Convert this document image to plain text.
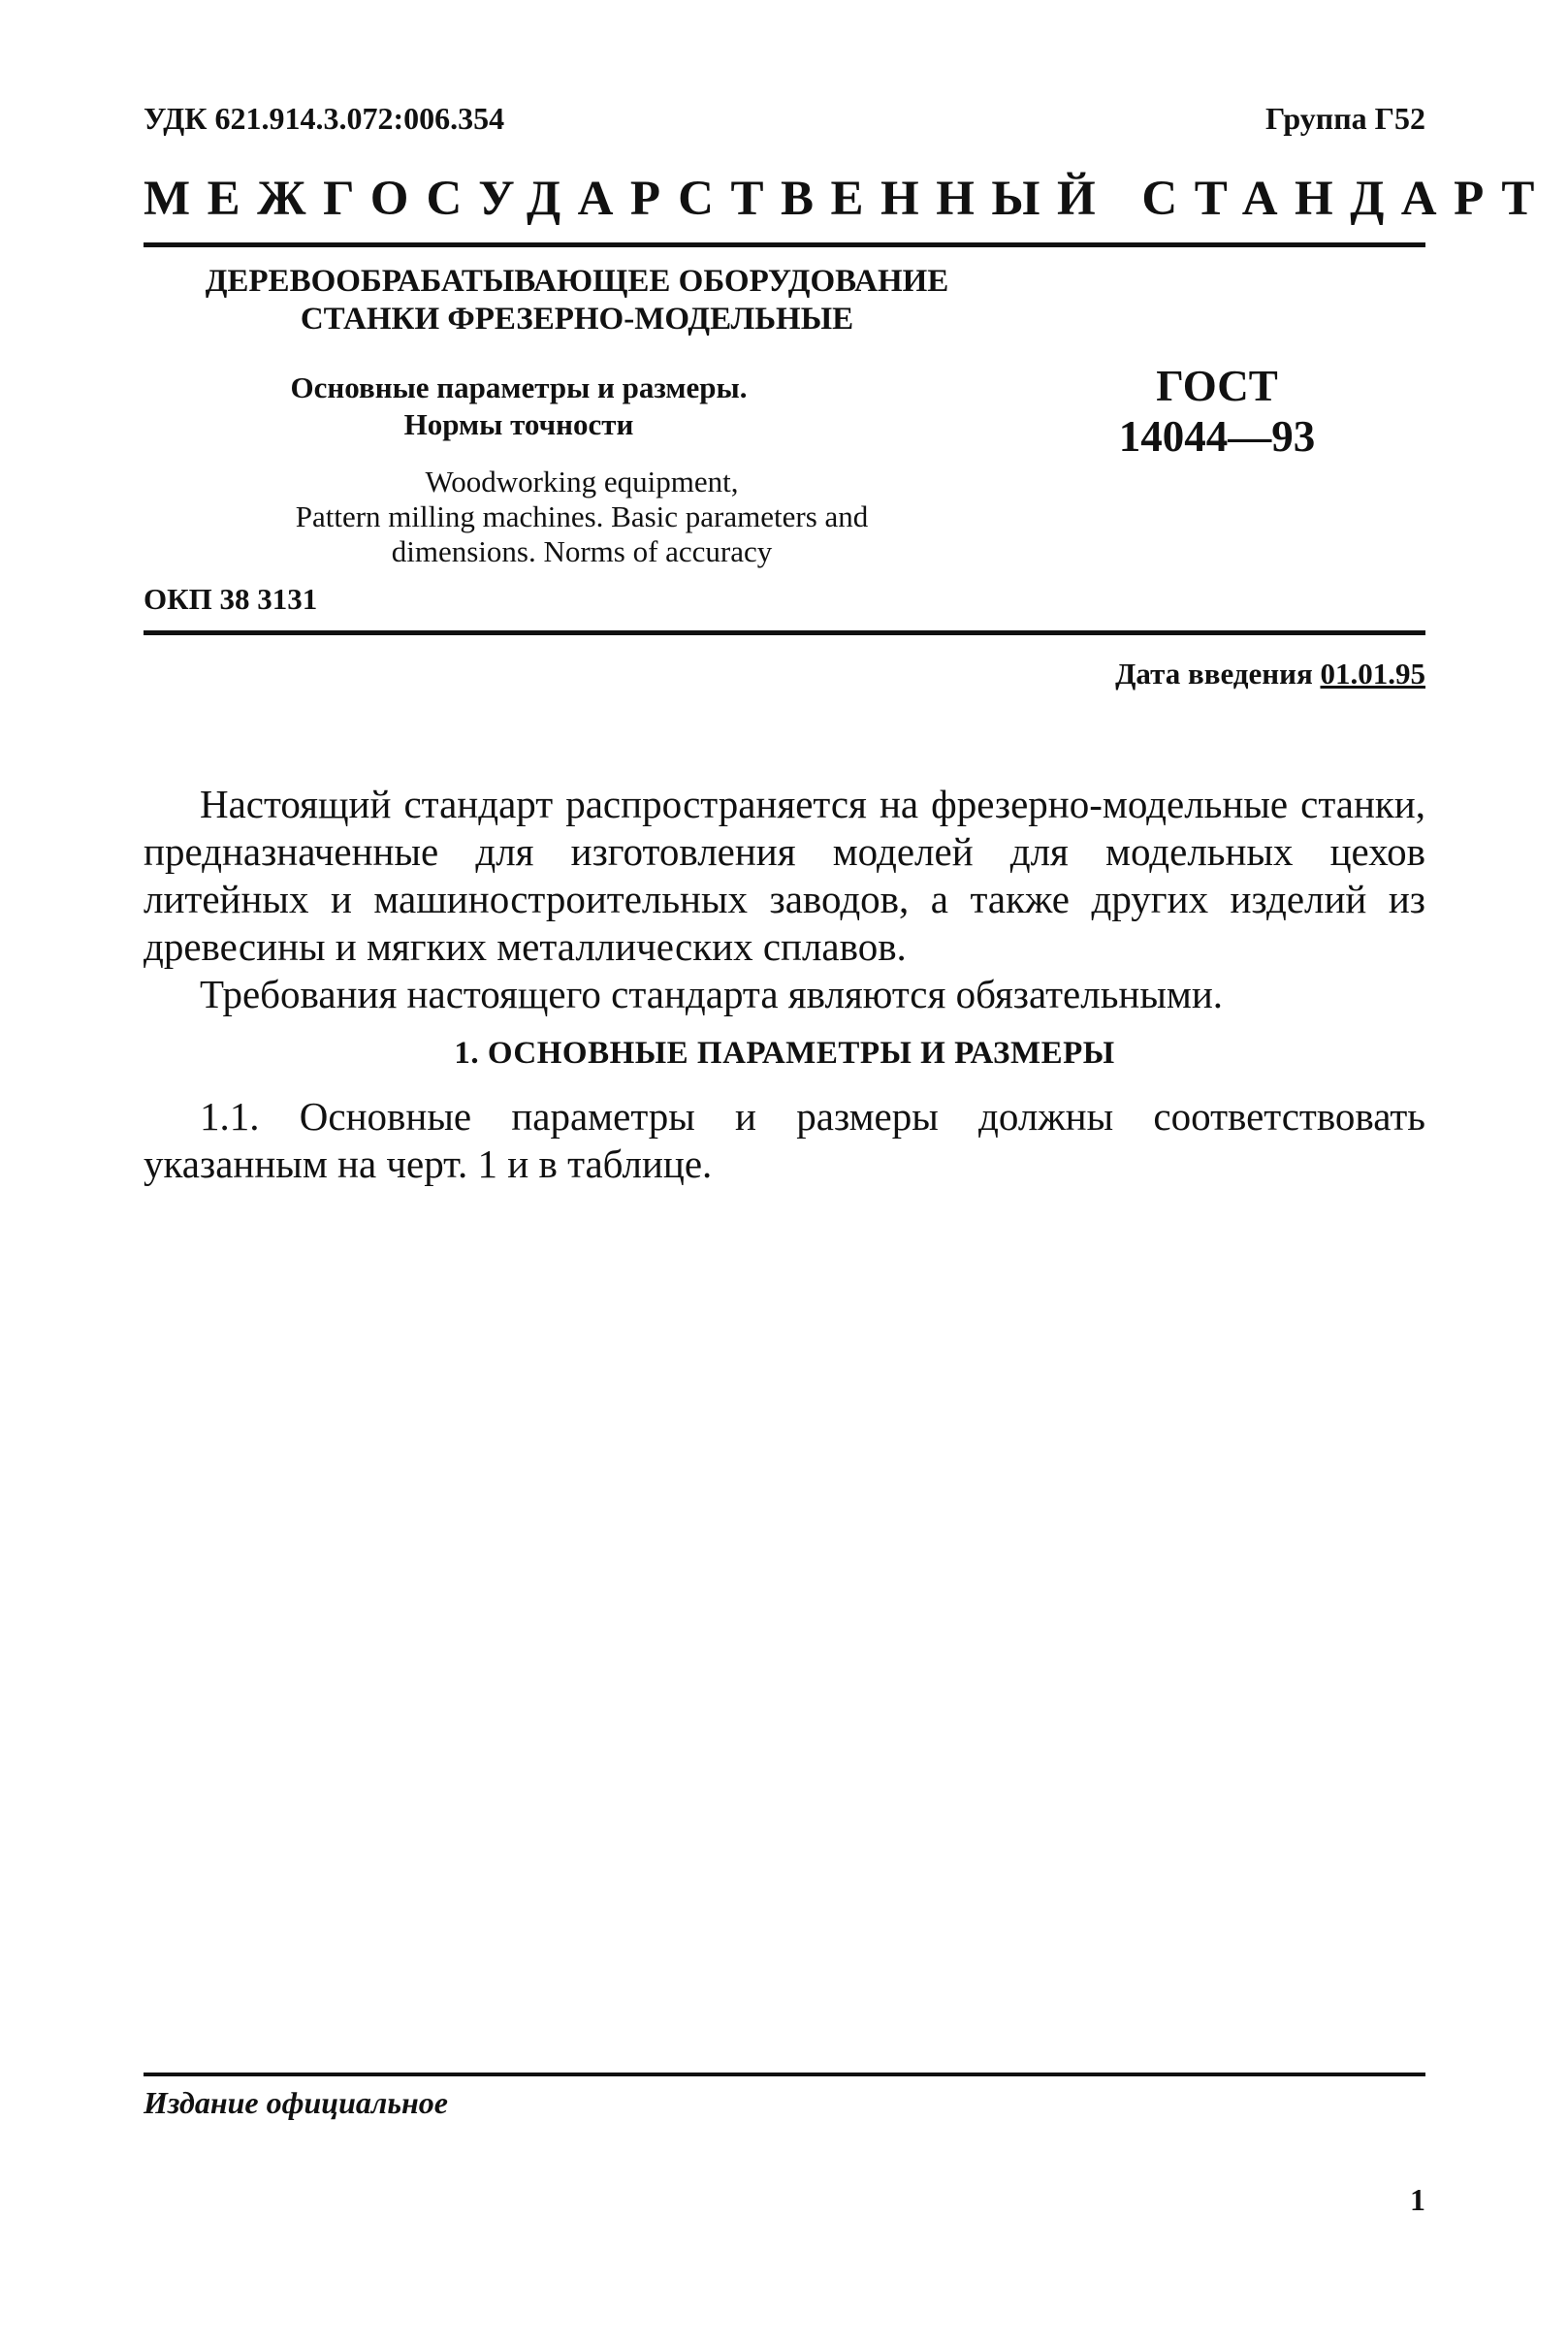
УДК 621.914.3.072:006.354	Группа Г52
МЕЖГОСУДАРСТВЕННЫЙ СТАНДАРТ
ДЕРЕВООБРАБАТЫВАЮЩЕЕ ОБОРУДОВАНИЕ
СТАНКИ ФРЕЗЕРНО-МОДЕЛЬНЫЕ
Основные параметры и размеры.
Нормы точности
ГОСТ
14044—93
Woodworking equipment,
Pattern milling machines. Basic parameters and
dimensions. Norms of accuracy
ОКП 38 3131
Дата введения 01.01.95

Настоящий стандарт распространяется на фрезерно-модельные станки, предназначенные для изготовления моделей для модельных цехов литейных и машиностроительных заводов, а также других изделий из древесины и мягких металлических сплавов.

Требования настоящего стандарта являются обязательными.

1. ОСНОВНЫЕ ПАРАМЕТРЫ И РАЗМЕРЫ

1.1. Основные параметры и размеры должны соответствовать указанным на черт. 1 и в таблице.

Издание официальное
1
